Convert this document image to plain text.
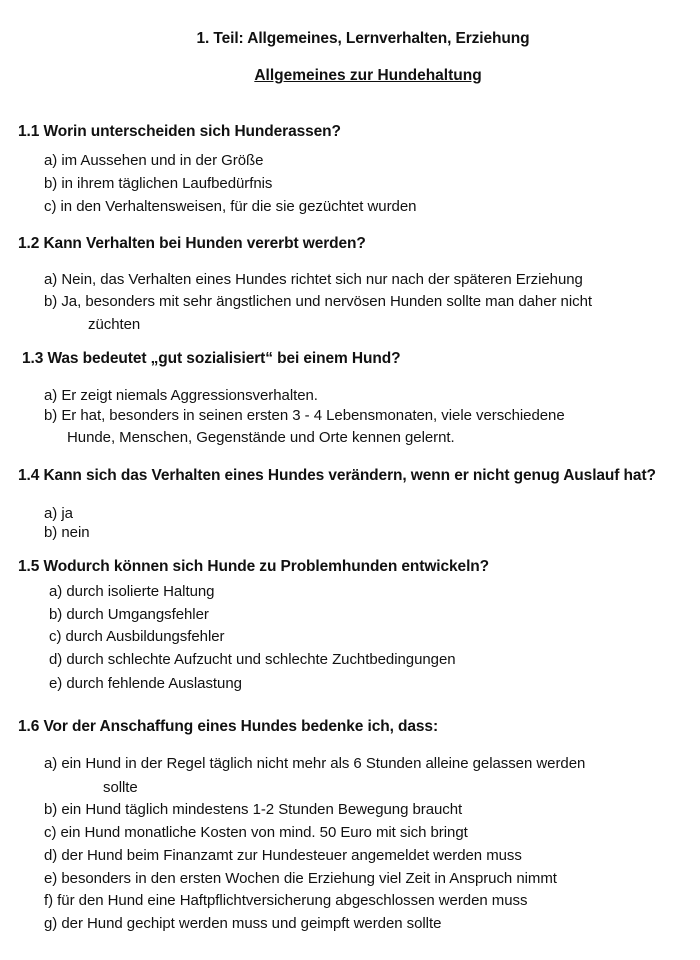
1. Teil: Allgemeines, Lernverhalten, Erziehung
Allgemeines zur Hundehaltung
1.1 Worin unterscheiden sich Hunderassen?
a) im Aussehen und in der Größe
b) in ihrem täglichen Laufbedürfnis
c) in den Verhaltensweisen, für die sie gezüchtet wurden
1.2 Kann Verhalten bei Hunden vererbt werden?
a) Nein, das Verhalten eines Hundes richtet sich nur nach der späteren Erziehung
b) Ja, besonders mit sehr ängstlichen und nervösen Hunden sollte man daher nicht
züchten
1.3 Was bedeutet „gut sozialisiert“ bei einem Hund?
a) Er zeigt niemals Aggressionsverhalten.
b) Er hat, besonders in seinen ersten 3 - 4 Lebensmonaten, viele verschiedene
Hunde, Menschen, Gegenstände und Orte kennen gelernt.
1.4 Kann sich das Verhalten eines Hundes verändern, wenn er nicht genug Auslauf hat?
a) ja
b) nein
1.5 Wodurch können sich Hunde zu Problemhunden entwickeln?
a) durch isolierte Haltung
b) durch Umgangsfehler
c) durch Ausbildungsfehler
d) durch schlechte Aufzucht und schlechte Zuchtbedingungen
e) durch fehlende Auslastung
1.6 Vor der Anschaffung eines Hundes bedenke ich, dass:
a) ein Hund in der Regel täglich nicht mehr als 6 Stunden alleine gelassen werden
sollte
b) ein Hund täglich mindestens 1-2 Stunden Bewegung braucht
c) ein Hund monatliche Kosten von mind. 50 Euro mit sich bringt
d) der Hund beim Finanzamt zur Hundesteuer angemeldet werden muss
e) besonders in den ersten Wochen die Erziehung viel Zeit in Anspruch nimmt
f) für den Hund eine Haftpflichtversicherung abgeschlossen werden muss
g) der Hund gechipt werden muss und geimpft werden sollte
